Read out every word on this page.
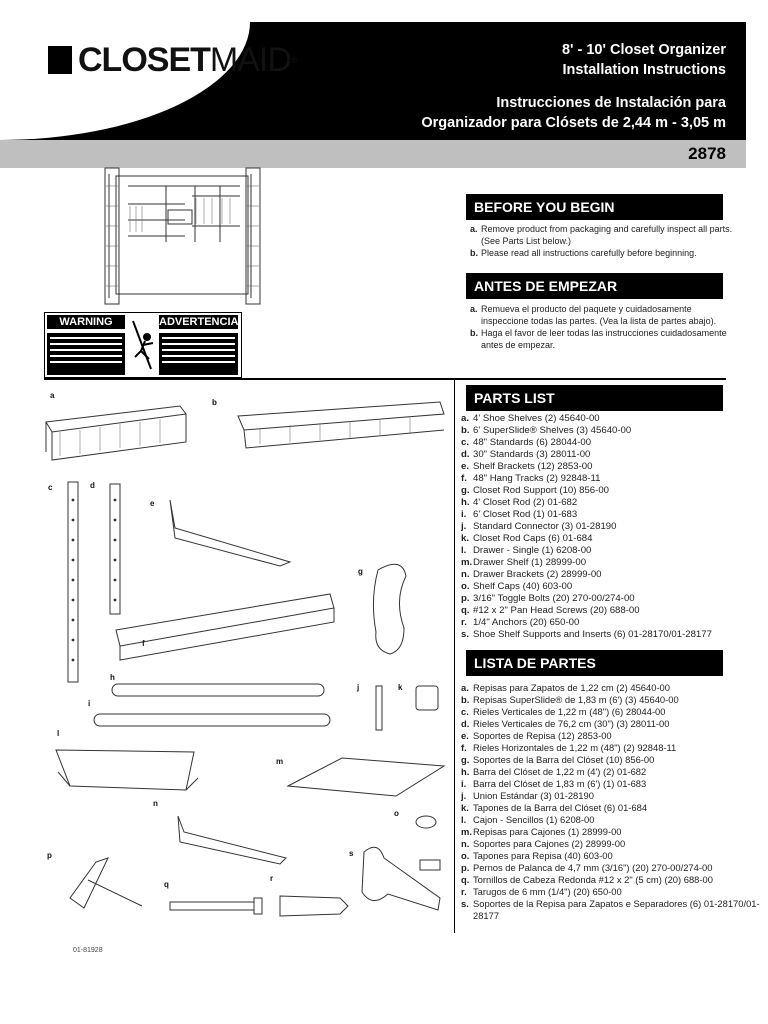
CLOSETMAID®
8' - 10' Closet Organizer
Installation Instructions
Instrucciones de Instalación para
Organizador para Clósets de 2,44 m - 3,05 m
2878
WARNING	ADVERTENCIA
BEFORE YOU BEGIN
a. Remove product from packaging and carefully inspect all parts. (See Parts List below.)
b. Please read all instructions carefully before beginning.
ANTES DE EMPEZAR
a. Remueva el producto del paquete y cuidadosamente inspeccione todas las partes. (Vea la lista de partes abajo).
b. Haga el favor de leer todas las instrucciones cuidadosamente antes de empezar.
PARTS LIST
a. 4' Shoe Shelves (2) 45640-00
b. 6' SuperSlide® Shelves (3) 45640-00
c. 48" Standards (6) 28044-00
d. 30" Standards (3) 28011-00
e. Shelf Brackets (12) 2853-00
f. 48" Hang Tracks (2) 92848-11
g. Closet Rod Support (10) 856-00
h. 4' Closet Rod (2) 01-682
i. 6' Closet Rod (1) 01-683
j. Standard Connector (3) 01-28190
k. Closet Rod Caps (6) 01-684
l. Drawer - Single (1) 6208-00
m. Drawer Shelf (1) 28999-00
n. Drawer Brackets (2) 28999-00
o. Shelf Caps (40) 603-00
p. 3/16" Toggle Bolts (20) 270-00/274-00
q. #12 x 2" Pan Head Screws (20) 688-00
r. 1/4" Anchors (20) 650-00
s. Shoe Shelf Supports and Inserts (6) 01-28170/01-28177
LISTA DE PARTES
a. Repisas para Zapatos de 1,22 cm (2) 45640-00
b. Repisas SuperSlide® de 1,83 m (6') (3) 45640-00
c. Rieles Verticales de 1,22 m (48") (6) 28044-00
d. Rieles Verticales de 76,2 cm (30") (3) 28011-00
e. Soportes de Repisa (12) 2853-00
f. Rieles Horizontales de 1,22 m (48") (2) 92848-11
g. Soportes de la Barra del Clóset (10) 856-00
h. Barra del Clóset de 1,22 m (4') (2) 01-682
i. Barra del Clóset de 1,83 m (6') (1) 01-683
j. Union Estándar (3) 01-28190
k. Tapones de la Barra del Clóset (6) 01-684
l. Cajon - Sencillos (1) 6208-00
m. Repisas para Cajones (1) 28999-00
n. Soportes para Cajones (2) 28999-00
o. Tapones para Repisa (40) 603-00
p. Pernos de Palanca de 4,7 mm (3/16") (20) 270-00/274-00
q. Tornillos de Cabeza Redonda #12 x 2" (5 cm) (20) 688-00
r. Tarugos de 6 mm (1/4") (20) 650-00
s. Soportes de la Repisa para Zapatos e Separadores (6) 01-28170/01-28177
a
b
c	d
e
f
g
h
i
j	k
l
m
n
o
p
q
r
s
01-81928
